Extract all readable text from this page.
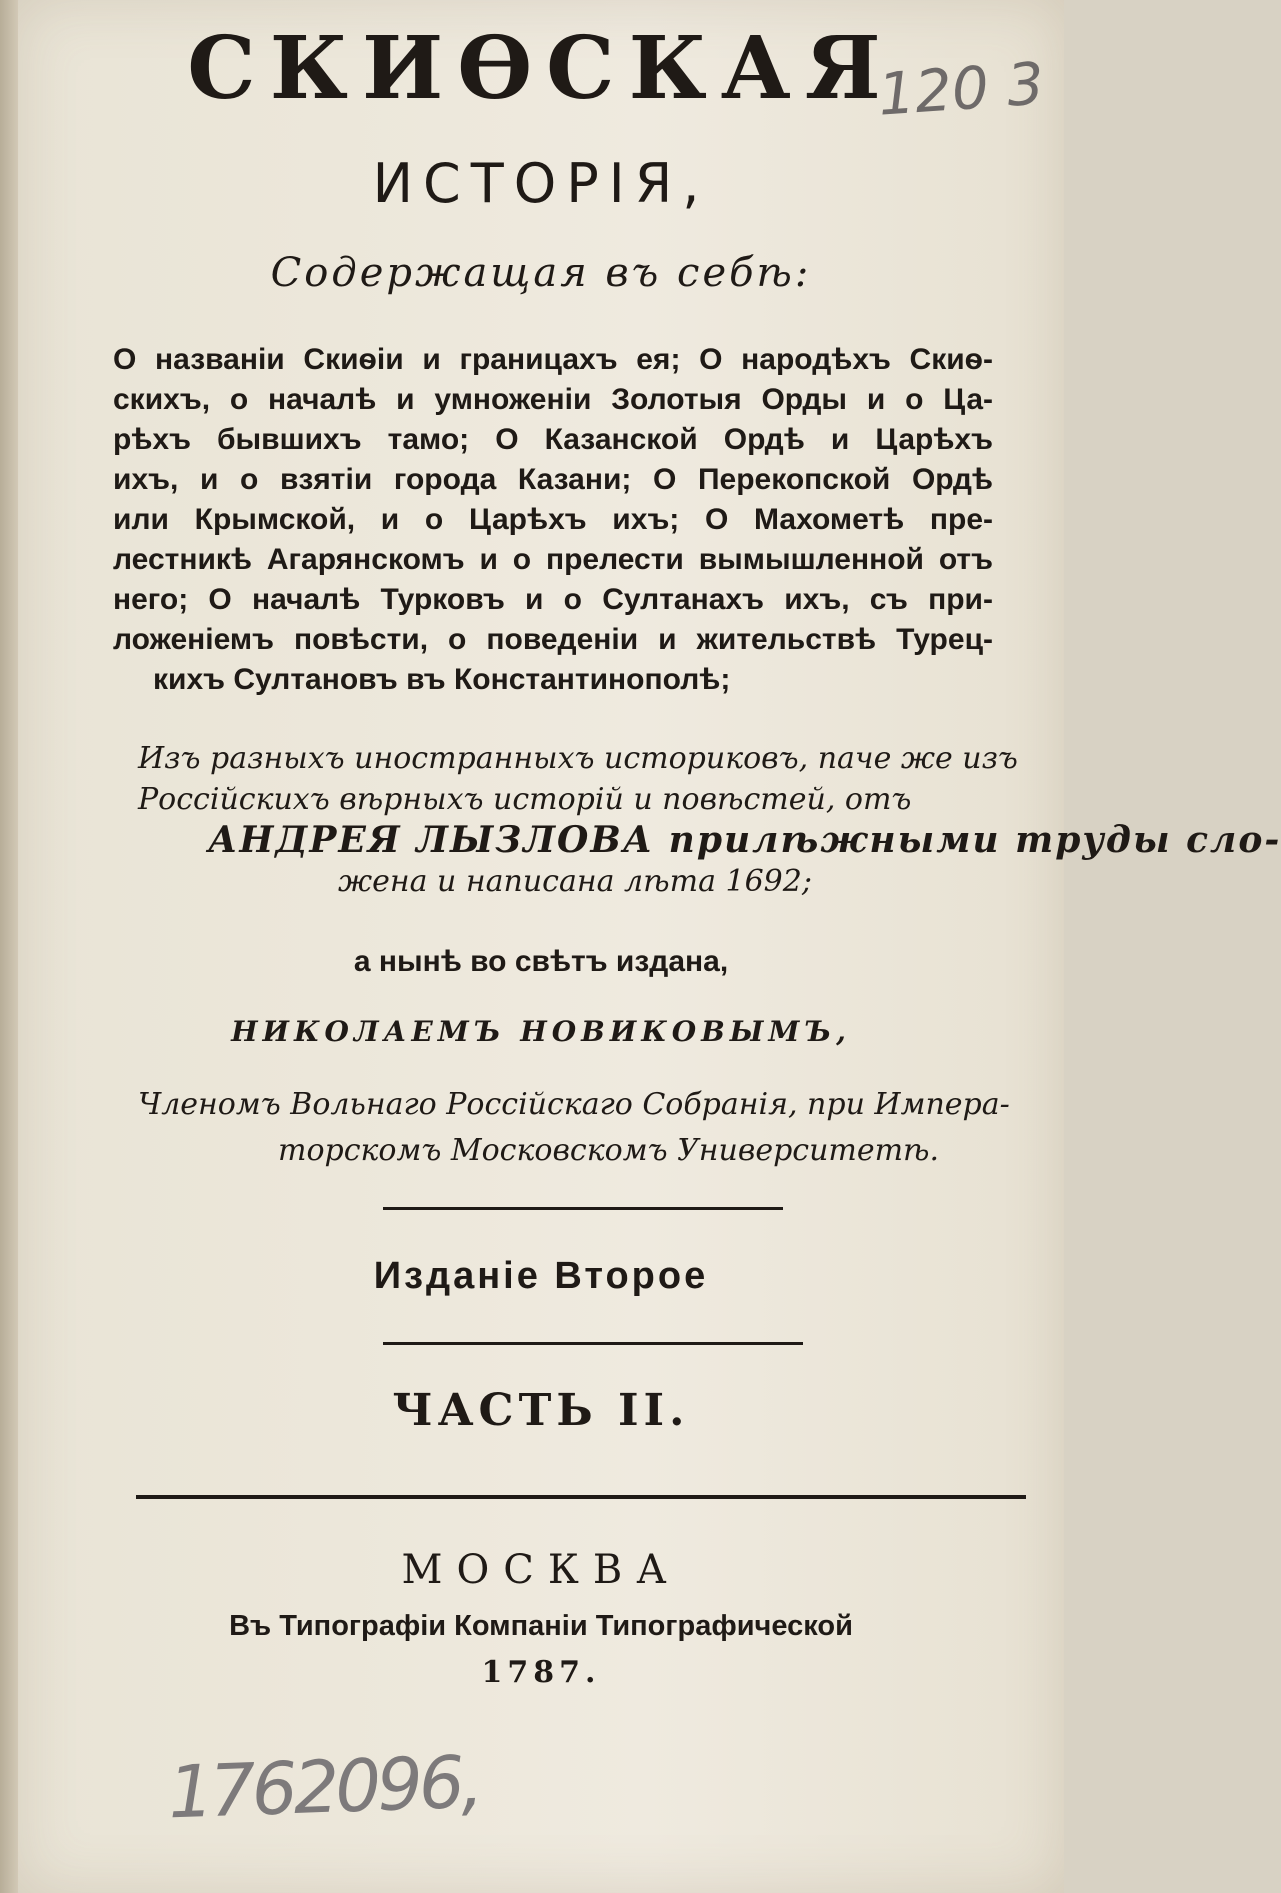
СКИѲСКАЯ
ИСТОРІЯ,
Содержащая въ себѣ:
О названіи Скиѳіи и границахъ ея; О народѣхъ Скиѳ-
скихъ, о началѣ и умноженіи Золотыя Орды и о Ца-
рѣхъ бывшихъ тамо; О Казанской Ордѣ и Царѣхъ
ихъ, и о взятіи города Казани; О Перекопской Ордѣ
или Крымской, и о Царѣхъ ихъ; О Махометѣ пре-
лестникѣ Агарянскомъ и о прелести вымышленной отъ
него; О началѣ Турковъ и о Султанахъ ихъ, съ при-
ложеніемъ повѣсти, о поведеніи и жительствѣ Турец-
кихъ Султановъ въ Константинополѣ;
Изъ разныхъ иностранныхъ историковъ, паче же изъ
Россійскихъ вѣрныхъ исторій и повѣстей, отъ
АНДРЕЯ ЛЫЗЛОВА прилѣжными труды сло-
жена и написана лѣта 1692;
а нынѣ во свѣтъ издана,
НИКОЛАЕМЪ НОВИКОВЫМЪ,
Членомъ Вольнаго Россійскаго Собранія, при Импера-
торскомъ Московскомъ Университетѣ.
Изданіе Второе
ЧАСТЬ II.
МОСКВА
Въ Типографіи Компаніи Типографической
1787.
120 3
1762096,
